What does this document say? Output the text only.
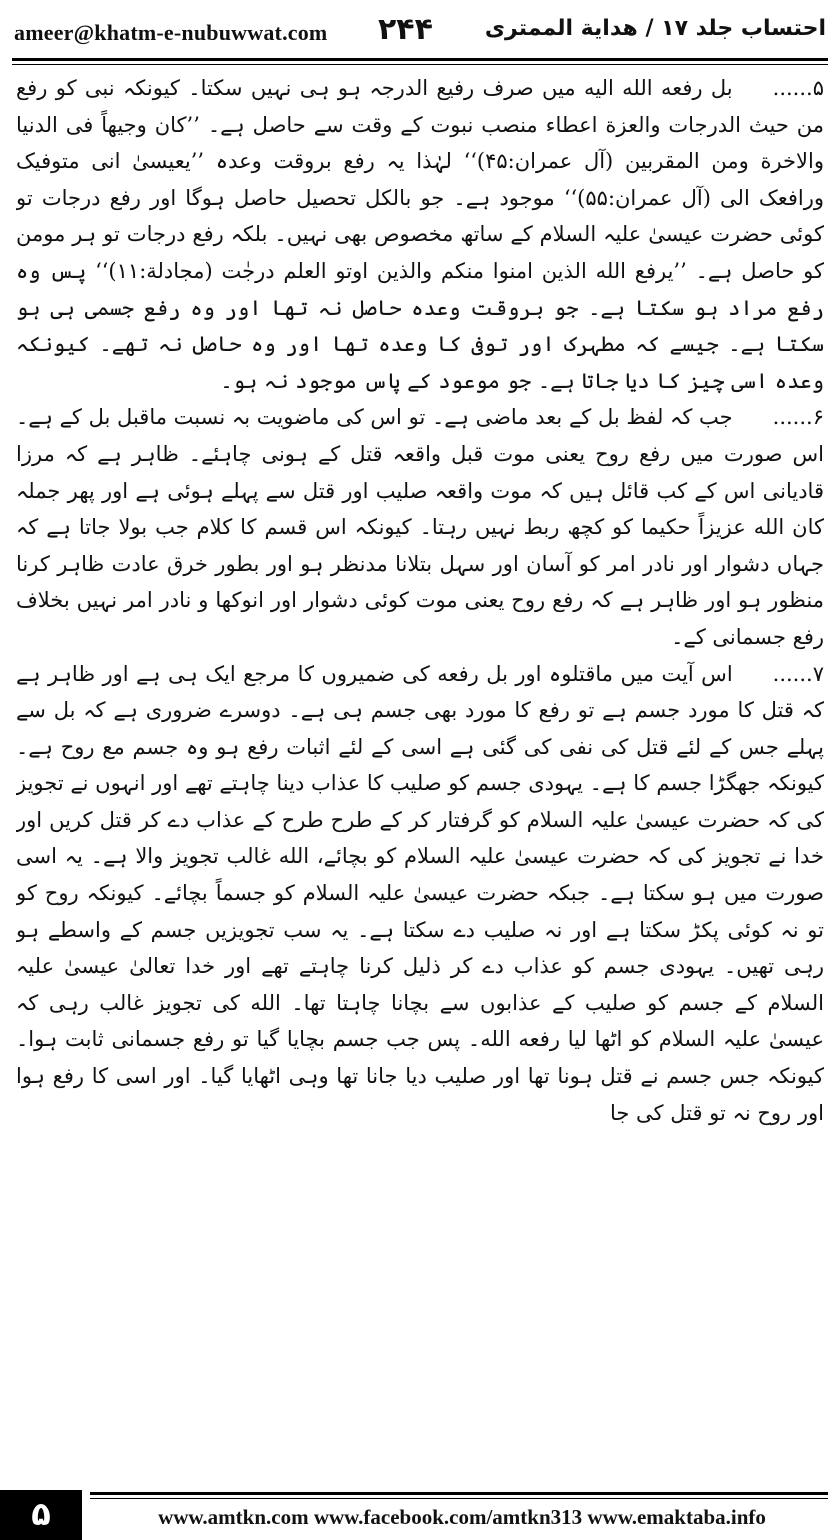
ameer@khatm-e-nubuwwat.com ۲۴۴ احتساب جلد ۱۷ / ھدایة الممتری

۵......بل رفعه الله الیه میں صرف رفیع الدرجہ ہو ہی نہیں سکتا۔ کیونکہ نبی کو رفع من حیث الدرجات والعزة اعطاء منصب نبوت کے وقت سے حاصل ہے۔ ’’کان وجیھاً فی الدنیا والاخرة ومن المقربین (آل عمران:۴۵)‘‘ لہٰذا یہ رفع بروقت وعدہ ’’یعیسیٰ انی متوفیک ورافعک الی (آل عمران:۵۵)‘‘ موجود ہے۔ جو بالکل تحصیل حاصل ہوگا اور رفع درجات تو کوئی حضرت عیسیٰ علیہ السلام کے ساتھ مخصوص بھی نہیں۔ بلکہ رفع درجات تو ہر مومن کو حاصل ہے۔ ’’یرفع الله الذین امنوا منکم والذین اوتو العلم درجٰت (مجادلة:۱۱)‘‘ پس وہ رفع مراد ہو سکتا ہے۔ جو بروقت وعدہ حاصل نہ تھا اور وہ رفع جسمی ہی ہو سکتا ہے۔ جیسے کہ مطہرک اور توفی کا وعدہ تھا اور وہ حاصل نہ تھے۔ کیونکہ وعدہ اسی چیز کا دیا جاتا ہے۔ جو موعود کے پاس موجود نہ ہو۔

۶......جب کہ لفظ بل کے بعد ماضی ہے۔ تو اس کی ماضویت بہ نسبت ماقبل بل کے ہے۔ اس صورت میں رفع روح یعنی موت قبل واقعہ قتل کے ہونی چاہئے۔ ظاہر ہے کہ مرزا قادیانی اس کے کب قائل ہیں کہ موت واقعہ صلیب اور قتل سے پہلے ہوئی ہے اور پھر جملہ کان الله عزیزاً حکیما کو کچھ ربط نہیں رہتا۔ کیونکہ اس قسم کا کلام جب بولا جاتا ہے کہ جہاں دشوار اور نادر امر کو آسان اور سہل بتلانا مدنظر ہو اور بطور خرق عادت ظاہر کرنا منظور ہو اور ظاہر ہے کہ رفع روح یعنی موت کوئی دشوار اور انوکھا و نادر امر نہیں بخلاف رفع جسمانی کے۔

۷......اس آیت میں ماقتلوہ اور بل رفعه کی ضمیروں کا مرجع ایک ہی ہے اور ظاہر ہے کہ قتل کا مورد جسم ہے تو رفع کا مورد بھی جسم ہی ہے۔ دوسرے ضروری ہے کہ بل سے پہلے جس کے لئے قتل کی نفی کی گئی ہے اسی کے لئے اثبات رفع ہو وہ جسم مع روح ہے۔ کیونکہ جھگڑا جسم کا ہے۔ یہودی جسم کو صلیب کا عذاب دینا چاہتے تھے اور انہوں نے تجویز کی کہ حضرت عیسیٰ علیہ السلام کو گرفتار کر کے طرح طرح کے عذاب دے کر قتل کریں اور خدا نے تجویز کی کہ حضرت عیسیٰ علیہ السلام کو بچائے، الله غالب تجویز والا ہے۔ یہ اسی صورت میں ہو سکتا ہے۔ جبکہ حضرت عیسیٰ علیہ السلام کو جسماً بچائے۔ کیونکہ روح کو تو نہ کوئی پکڑ سکتا ہے اور نہ صلیب دے سکتا ہے۔ یہ سب تجویزیں جسم کے واسطے ہو رہی تھیں۔ یہودی جسم کو عذاب دے کر ذلیل کرنا چاہتے تھے اور خدا تعالیٰ عیسیٰ علیہ السلام کے جسم کو صلیب کے عذابوں سے بچانا چاہتا تھا۔ الله کی تجویز غالب رہی کہ عیسیٰ علیہ السلام کو اٹھا لیا رفعه الله۔ پس جب جسم بچایا گیا تو رفع جسمانی ثابت ہوا۔ کیونکہ جس جسم نے قتل ہونا تھا اور صلیب دیا جانا تھا وہی اٹھایا گیا۔ اور اسی کا رفع ہوا اور روح نہ تو قتل کی جا

۵	www.amtkn.com www.facebook.com/amtkn313 www.emaktaba.info
